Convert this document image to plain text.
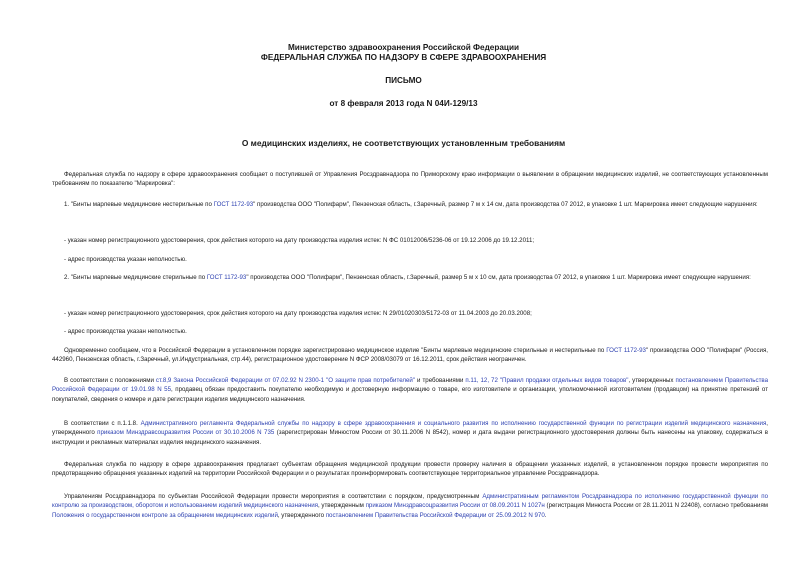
Министерство здравоохранения Российской Федерации
ФЕДЕРАЛЬНАЯ СЛУЖБА ПО НАДЗОРУ В СФЕРЕ ЗДРАВООХРАНЕНИЯ
ПИСЬМО
от 8 февраля 2013 года N 04И-129/13
О медицинских изделиях, не соответствующих установленным требованиям
Федеральная служба по надзору в сфере здравоохранения сообщает о поступившей от Управления Росздравнадзора по Приморскому краю информации о выявлении в обращении медицинских изделий, не соответствующих установленным требованиям по показателю "Маркировка":
1. "Бинты марлевые медицинские нестерильные по ГОСТ 1172-93" производства ООО "Полифарм", Пензенская область, г.Заречный, размер 7 м х 14 см, дата производства 07 2012, в упаковке 1 шт. Маркировка имеет следующие нарушения:
- указан номер регистрационного удостоверения, срок действия которого на дату производства изделия истек: N ФС 01012006/5236-06 от 19.12.2006 до 19.12.2011;
- адрес производства указан неполностью.
2. "Бинты марлевые медицинские стерильные по ГОСТ 1172-93" производства ООО "Полифарм", Пензенская область, г.Заречный, размер 5 м х 10 см, дата производства 07 2012, в упаковке 1 шт. Маркировка имеет следующие нарушения:
- указан номер регистрационного удостоверения, срок действия которого на дату производства изделия истек: N 29/01020303/5172-03 от 11.04.2003 до 20.03.2008;
- адрес производства указан неполностью.
Одновременно сообщаем, что в Российской Федерации в установленном порядке зарегистрировано медицинское изделие "Бинты марлевые медицинские стерильные и нестерильные по ГОСТ 1172-93" производства ООО "Полифарм" (Россия, 442960, Пензенская область, г.Заречный, ул.Индустриальная, стр.44), регистрационное удостоверение N ФСР 2008/03079 от 16.12.2011, срок действия неограничен.
В соответствии с положениями ст.8,9 Закона Российской Федерации от 07.02.92 N 2300-1 "О защите прав потребителей" и требованиями п.11, 12, 72 "Правил продажи отдельных видов товаров", утвержденных постановлением Правительства Российской Федерации от 19.01.98 N 55, продавец обязан предоставить покупателю необходимую и достоверную информацию о товаре, его изготовителе и организации, уполномоченной изготовителем (продавцом) на принятие претензий от покупателей, сведения о номере и дате регистрации изделия медицинского назначения.
В соответствии с п.1.1.8. Административного регламента Федеральной службы по надзору в сфере здравоохранения и социального развития по исполнению государственной функции по регистрации изделий медицинского назначения, утвержденного приказом Минздравсоцразвития России от 30.10.2006 N 735 (зарегистрирован Минюстом России от 30.11.2006 N 8542), номер и дата выдачи регистрационного удостоверения должны быть нанесены на упаковку, содержаться в инструкции и рекламных материалах изделия медицинского назначения.
Федеральная служба по надзору в сфере здравоохранения предлагает субъектам обращения медицинской продукции провести проверку наличия в обращении указанных изделий, в установленном порядке провести мероприятия по предотвращению обращения указанных изделий на территории Российской Федерации и о результатах проинформировать соответствующее территориальное управление Росздравнадзора.
Управлениям Росздравнадзора по субъектам Российской Федерации провести мероприятия в соответствии с порядком, предусмотренным Административным регламентом Росздравнадзора по исполнению государственной функции по контролю за производством, оборотом и использованием изделий медицинского назначения, утвержденным приказом Минздравсоцразвития России от 08.09.2011 N 1027н (регистрация Минюста России от 28.11.2011 N 22408), согласно требованиям Положения о государственном контроле за обращением медицинских изделий, утвержденного постановлением Правительства Российской Федерации от 25.09.2012 N 970.
